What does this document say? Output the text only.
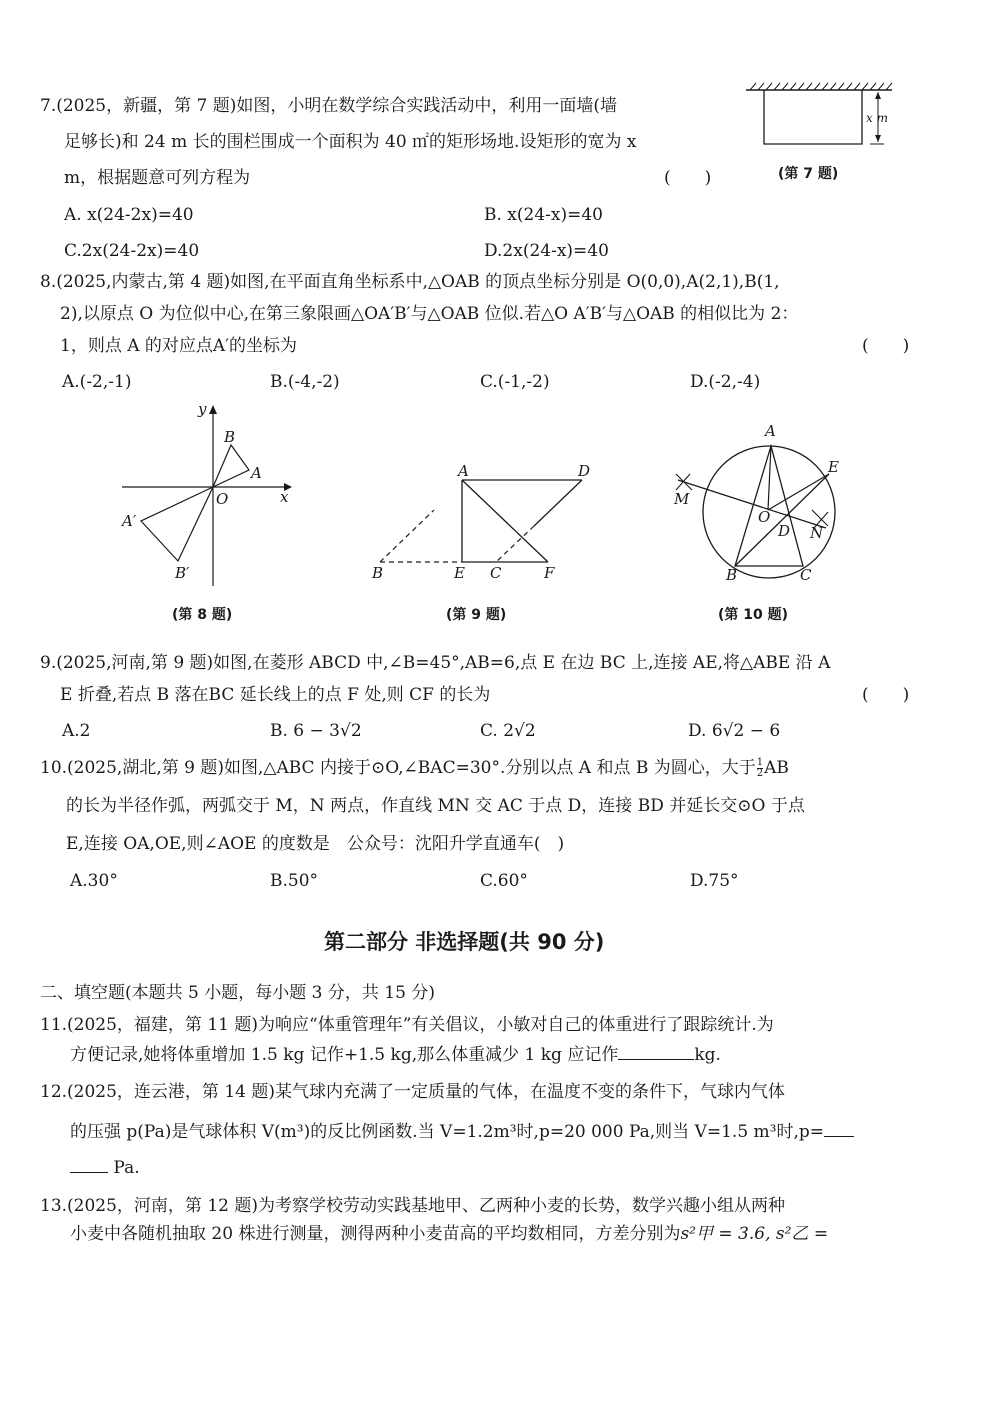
7.(2025，新疆，第 7 题)如图，小明在数学综合实践活动中，利用一面墙(墙
足够长)和 24 m 长的围栏围成一个面积为 40 ㎡的矩形场地.设矩形的宽为 x
m，根据题意可列方程为	(　　)
A. x(24-2x)=40	B. x(24-x)=40
C.2x(24-2x)=40	D.2x(24-x)=40
x m
(第 7 题)
8.(2025,内蒙古,第 4 题)如图,在平面直角坐标系中,△OAB 的顶点坐标分别是 O(0,0),A(2,1),B(1,
2),以原点 O 为位似中心,在第三象限画△OA′B′与△OAB 位似.若△O A′B′与△OAB 的相似比为 2：
1，则点 A 的对应点A′的坐标为	(　　)
A.(-2,-1)	B.(-4,-2)	C.(-1,-2)	D.(-2,-4)
y
x
O
A
B
A′
B′
(第 8 题)
A	D
B	E C	F
(第 9 题)
A
E
M
O
D N
B	C
(第 10 题)
9.(2025,河南,第 9 题)如图,在菱形 ABCD 中,∠B=45°,AB=6,点 E 在边 BC 上,连接 AE,将△ABE 沿 A
E 折叠,若点 B 落在BC 延长线上的点 F 处,则 CF 的长为	(　　)
A.2	B. 6 − 3√2	C. 2√2	D. 6√2 − 6
10.(2025,湖北,第 9 题)如图,△ABC 内接于⊙O,∠BAC=30°.分别以点 A 和点 B 为圆心，大于 $\frac{1}{2}$ AB
的长为半径作弧，两弧交于 M，N 两点，作直线 MN 交 AC 于点 D，连接 BD 并延长交⊙O 于点
E,连接 OA,OE,则∠AOE 的度数是　公众号：沈阳升学直通车(　)
A.30°	B.50°	C.60°	D.75°
第二部分 非选择题(共 90 分)
二、填空题(本题共 5 小题，每小题 3 分，共 15 分)
11.(2025，福建，第 11 题)为响应“体重管理年”有关倡议，小敏对自己的体重进行了跟踪统计.为
方便记录,她将体重增加 1.5 kg 记作+1.5 kg,那么体重减少 1 kg 应记作	kg.
12.(2025，连云港，第 14 题)某气球内充满了一定质量的气体，在温度不变的条件下，气球内气体
的压强 p(Pa)是气球体积 V(m³)的反比例函数.当 V=1.2m³时,p=20 000 Pa,则当 V=1.5 m³时,p=
Pa.
13.(2025，河南，第 12 题)为考察学校劳动实践基地甲、乙两种小麦的长势，数学兴趣小组从两种
小麦中各随机抽取 20 株进行测量，测得两种小麦苗高的平均数相同，方差分别为s²甲 = 3.6, s²乙 =
